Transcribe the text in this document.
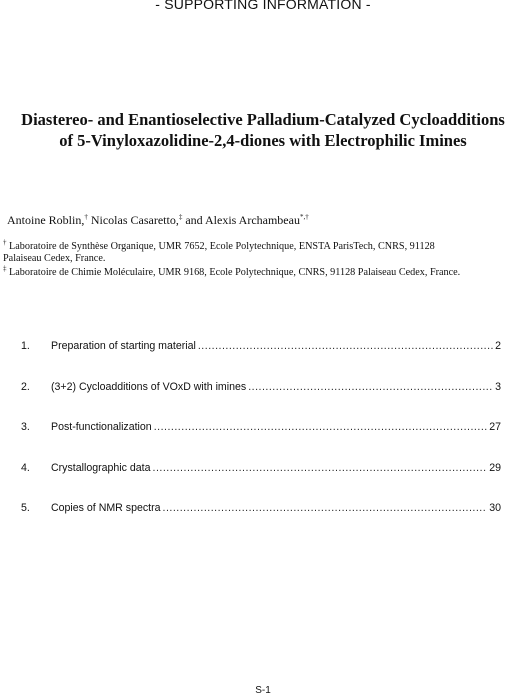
- SUPPORTING INFORMATION -
Diastereo- and Enantioselective Palladium-Catalyzed Cycloadditions
of 5-Vinyloxazolidine-2,4-diones with Electrophilic Imines
Antoine Roblin,† Nicolas Casaretto,‡ and Alexis Archambeau*,†
† Laboratoire de Synthèse Organique, UMR 7652, Ecole Polytechnique, ENSTA ParisTech, CNRS, 91128
Palaiseau Cedex, France.
‡ Laboratoire de Chimie Moléculaire, UMR 9168, Ecole Polytechnique, CNRS, 91128 Palaiseau Cedex, France.
1.	Preparation of starting material .....	2
2.	(3+2) Cycloadditions of VOxD with imines .....	3
3.	Post-functionalization .....	27
4.	Crystallographic data .....	29
5.	Copies of NMR spectra .....	30
S-1
